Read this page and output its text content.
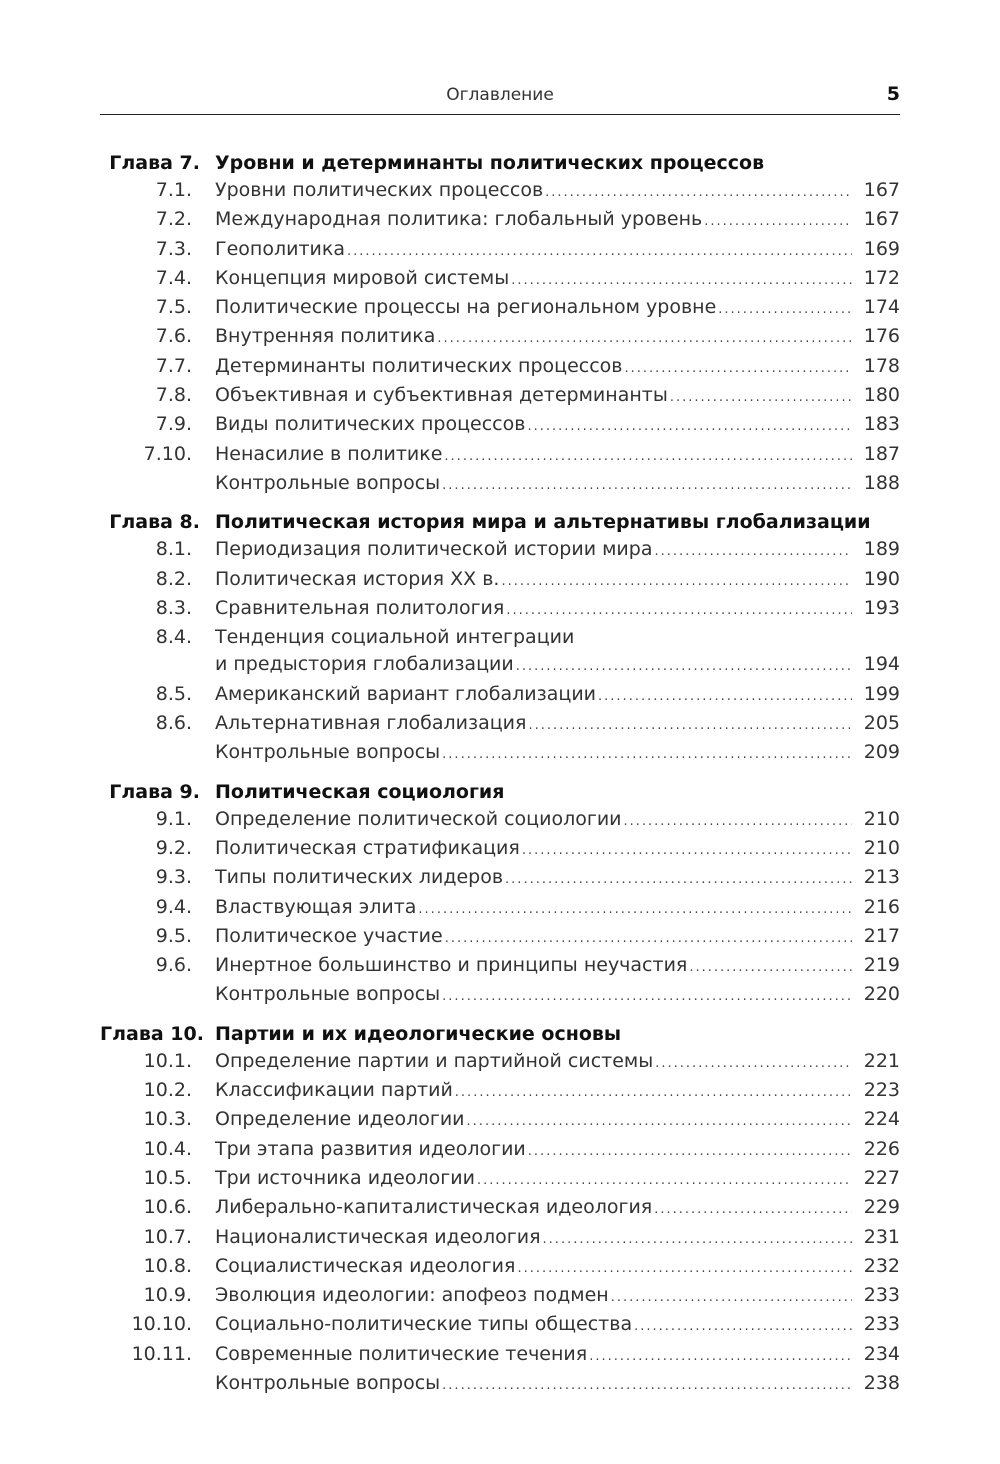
Оглавление	5
Глава 7. Уровни и детерминанты политических процессов
7.1. Уровни политических процессов .....	167
7.2. Международная политика: глобальный уровень .....	167
7.3. Геополитика .....	169
7.4. Концепция мировой системы .....	172
7.5. Политические процессы на региональном уровне .....	174
7.6. Внутренняя политика .....	176
7.7. Детерминанты политических процессов .....	178
7.8. Объективная и субъективная детерминанты .....	180
7.9. Виды политических процессов .....	183
7.10. Ненасилие в политике .....	187
Контрольные вопросы .....	188
Глава 8. Политическая история мира и альтернативы глобализации
8.1. Периодизация политической истории мира .....	189
8.2. Политическая история XX в. .....	190
8.3. Сравнительная политология .....	193
8.4. Тенденция социальной интеграции
и предыстория глобализации .....	194
8.5. Американский вариант глобализации .....	199
8.6. Альтернативная глобализация .....	205
Контрольные вопросы .....	209
Глава 9. Политическая социология
9.1. Определение политической социологии .....	210
9.2. Политическая стратификация .....	210
9.3. Типы политических лидеров .....	213
9.4. Властвующая элита .....	216
9.5. Политическое участие .....	217
9.6. Инертное большинство и принципы неучастия .....	219
Контрольные вопросы .....	220
Глава 10. Партии и их идеологические основы
10.1. Определение партии и партийной системы .....	221
10.2. Классификации партий .....	223
10.3. Определение идеологии .....	224
10.4. Три этапа развития идеологии .....	226
10.5. Три источника идеологии .....	227
10.6. Либерально-капиталистическая идеология .....	229
10.7. Националистическая идеология .....	231
10.8. Социалистическая идеология .....	232
10.9. Эволюция идеологии: апофеоз подмен .....	233
10.10. Социально-политические типы общества .....	233
10.11. Современные политические течения .....	234
Контрольные вопросы .....	238
